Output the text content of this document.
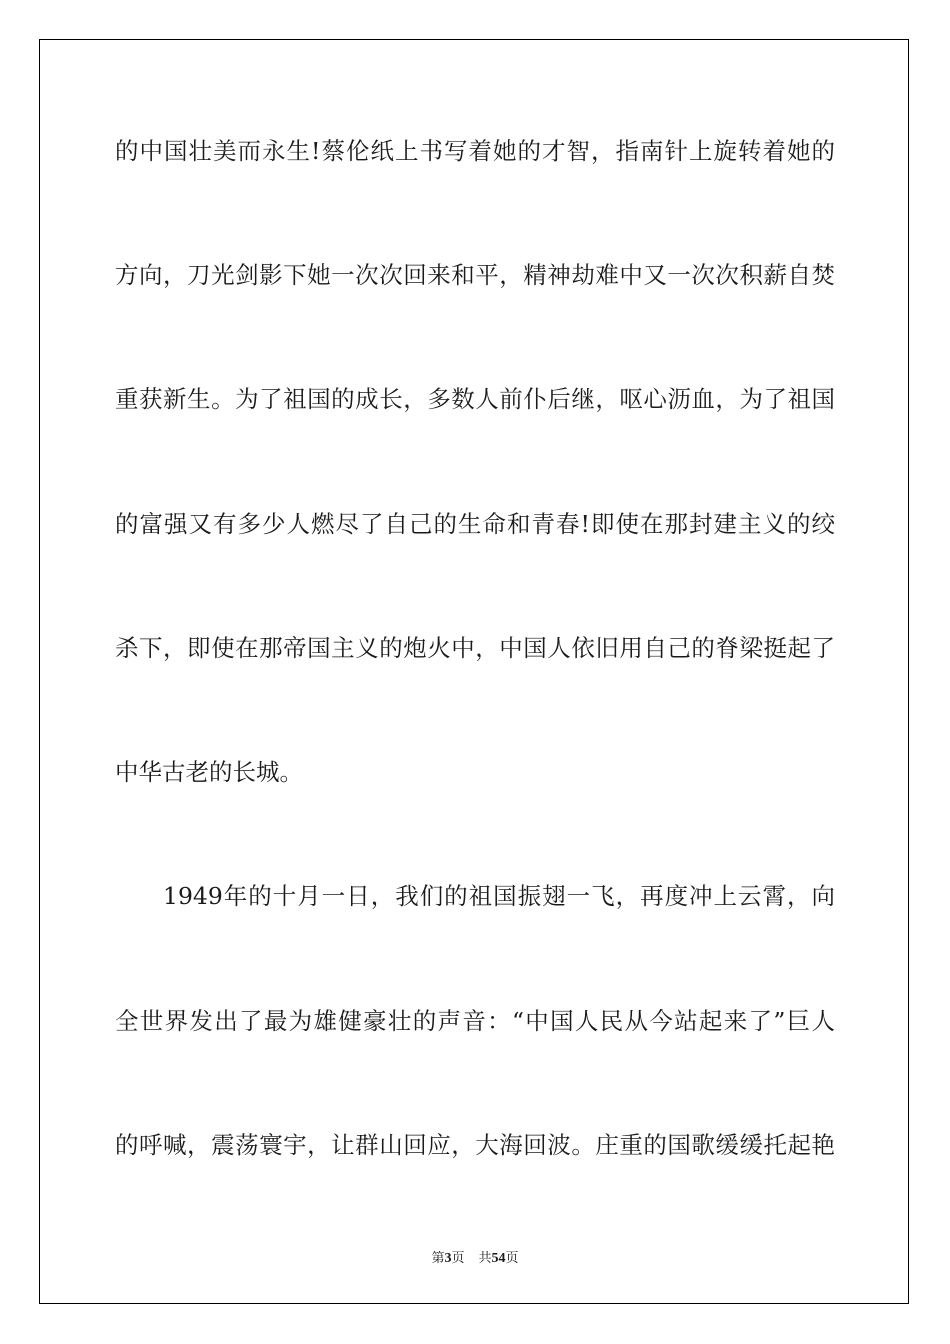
的中国壮美而永生!蔡伦纸上书写着她的才智，指南针上旋转着她的
方向，刀光剑影下她一次次回来和平，精神劫难中又一次次积薪自焚
重获新生。为了祖国的成长，多数人前仆后继，呕心沥血，为了祖国
的富强又有多少人燃尽了自己的生命和青春!即使在那封建主义的绞
杀下，即使在那帝国主义的炮火中，中国人依旧用自己的脊梁挺起了
中华古老的长城。
1949年的十月一日，我们的祖国振翅一飞，再度冲上云霄，向
全世界发出了最为雄健豪壮的声音：“中国人民从今站起来了”巨人
的呼喊，震荡寰宇，让群山回应，大海回波。庄重的国歌缓缓托起艳
第3页 共54页
